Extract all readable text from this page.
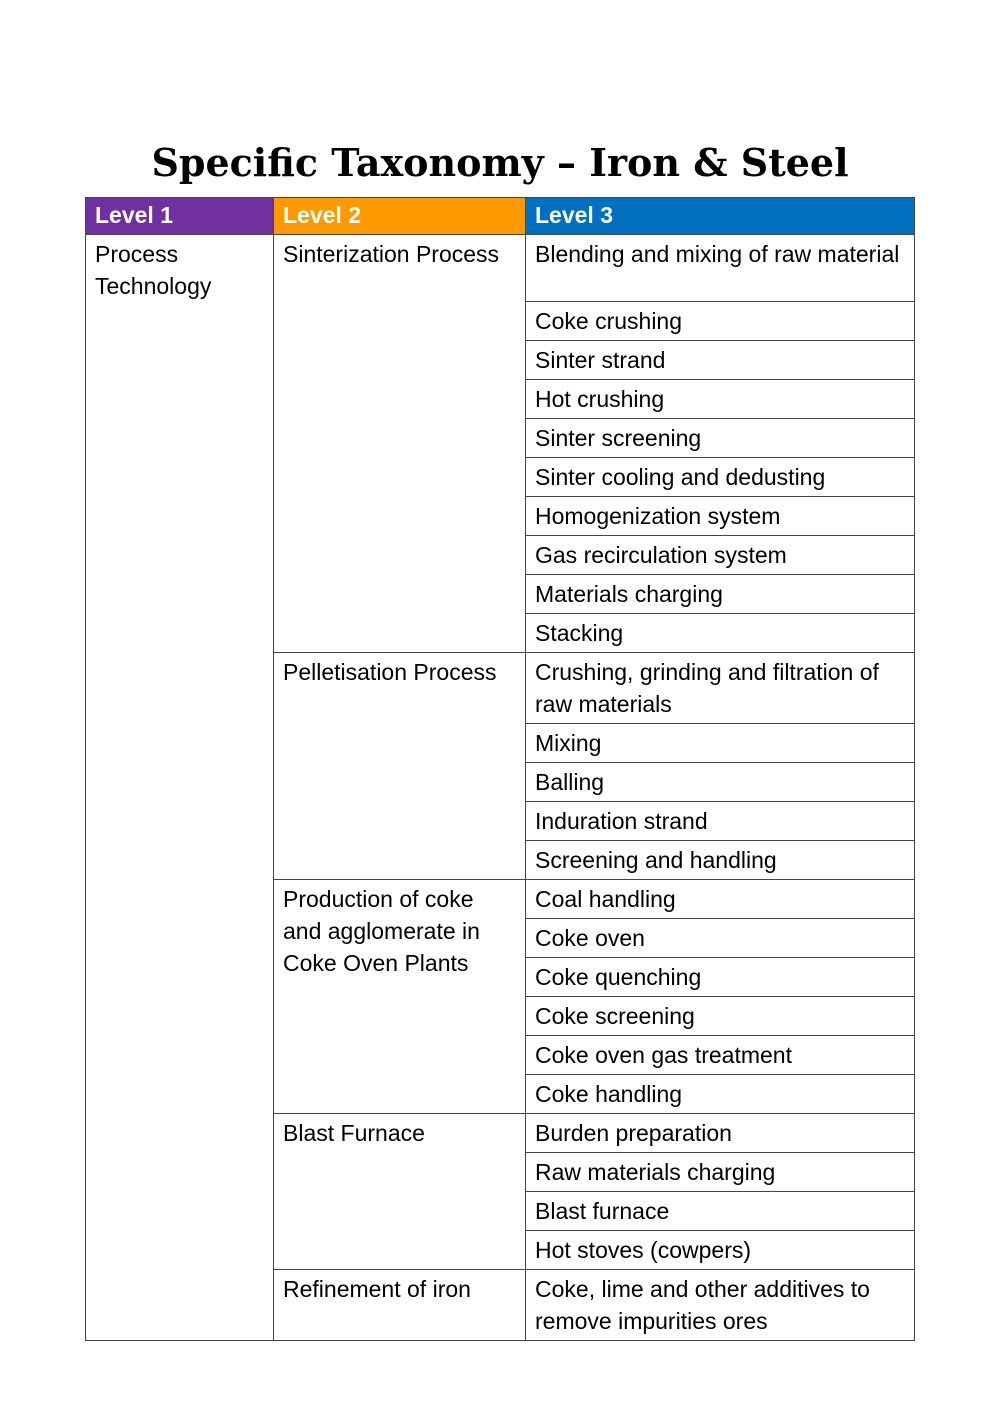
Specific Taxonomy – Iron & Steel
Level 1	Level 2	Level 3
Process Technology	Sinterization Process	Blending and mixing of raw material
		Coke crushing
		Sinter strand
		Hot crushing
		Sinter screening
		Sinter cooling and dedusting
		Homogenization system
		Gas recirculation system
		Materials charging
		Stacking
	Pelletisation Process	Crushing, grinding and filtration of raw materials
		Mixing
		Balling
		Induration strand
		Screening and handling
	Production of coke and agglomerate in Coke Oven Plants	Coal handling
		Coke oven
		Coke quenching
		Coke screening
		Coke oven gas treatment
		Coke handling
	Blast Furnace	Burden preparation
		Raw materials charging
		Blast furnace
		Hot stoves (cowpers)
	Refinement of iron	Coke, lime and other additives to remove impurities ores
